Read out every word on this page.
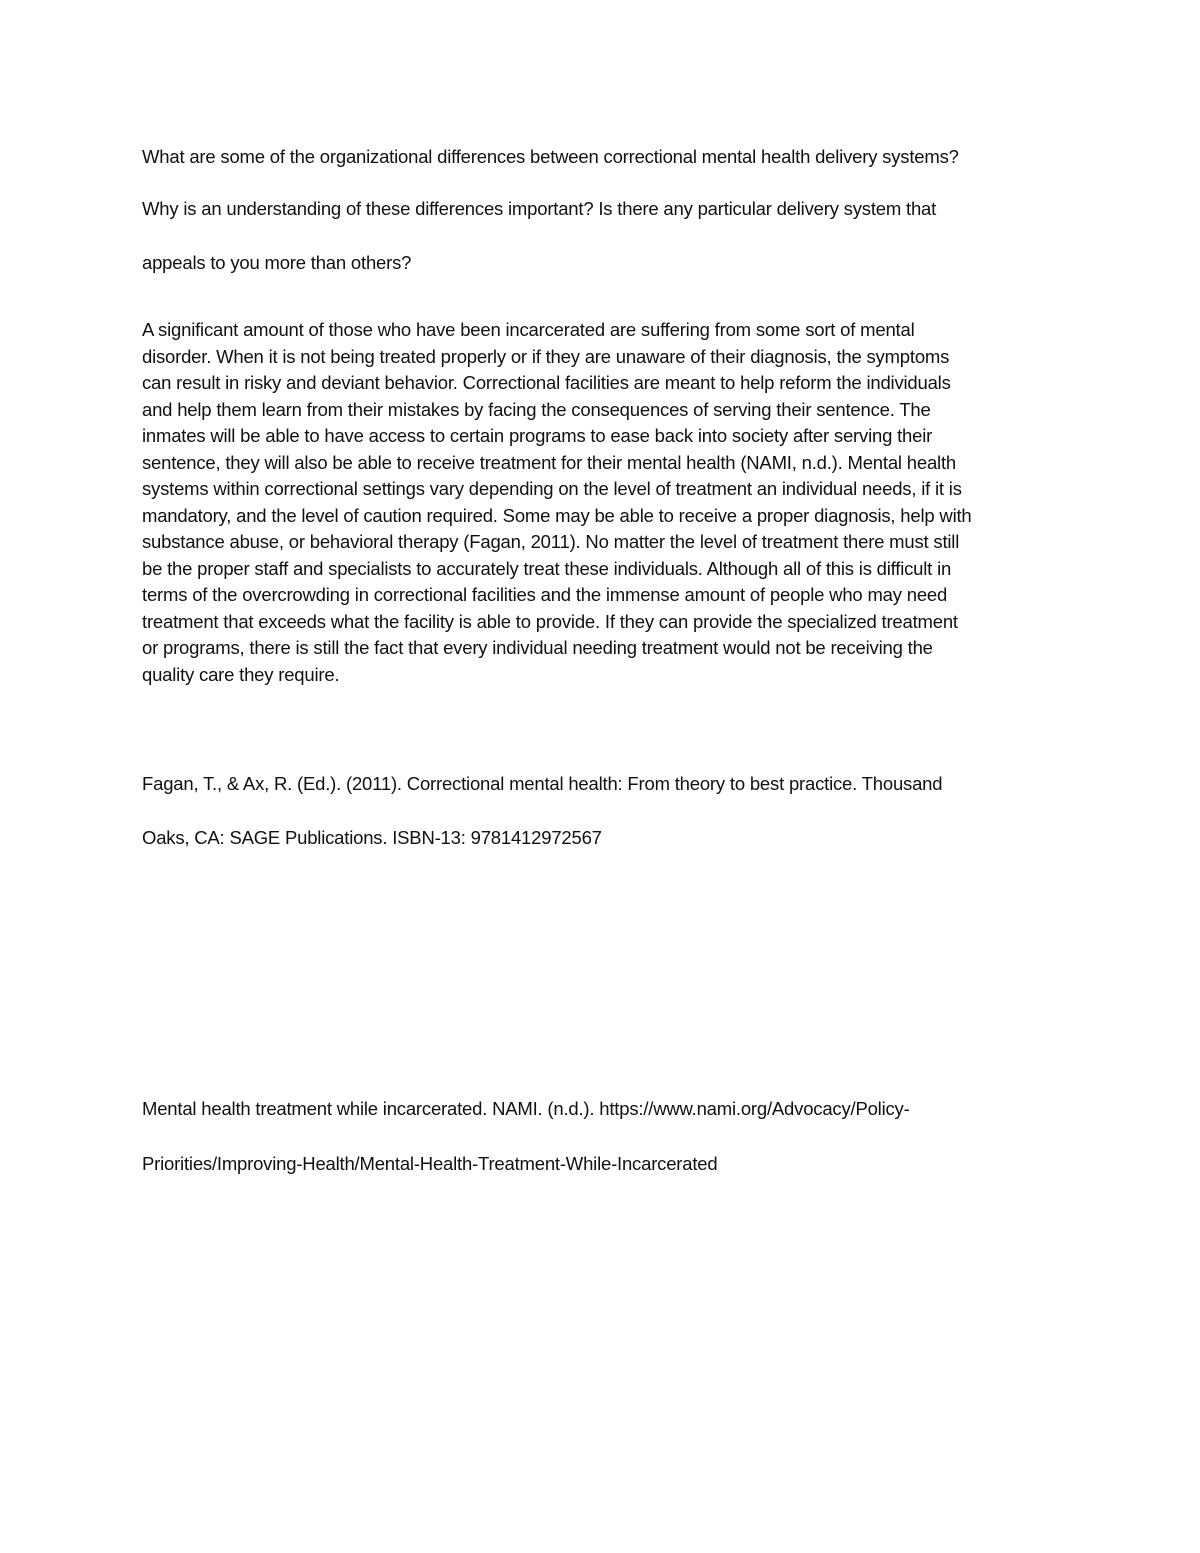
What are some of the organizational differences between correctional mental health delivery systems?

Why is an understanding of these differences important? Is there any particular delivery system that

appeals to you more than others?

A significant amount of those who have been incarcerated are suffering from some sort of mental
disorder. When it is not being treated properly or if they are unaware of their diagnosis, the symptoms
can result in risky and deviant behavior. Correctional facilities are meant to help reform the individuals
and help them learn from their mistakes by facing the consequences of serving their sentence. The
inmates will be able to have access to certain programs to ease back into society after serving their
sentence, they will also be able to receive treatment for their mental health (NAMI, n.d.). Mental health
systems within correctional settings vary depending on the level of treatment an individual needs, if it is
mandatory, and the level of caution required. Some may be able to receive a proper diagnosis, help with
substance abuse, or behavioral therapy (Fagan, 2011). No matter the level of treatment there must still
be the proper staff and specialists to accurately treat these individuals. Although all of this is difficult in
terms of the overcrowding in correctional facilities and the immense amount of people who may need
treatment that exceeds what the facility is able to provide. If they can provide the specialized treatment
or programs, there is still the fact that every individual needing treatment would not be receiving the
quality care they require.

Fagan, T., & Ax, R. (Ed.). (2011). Correctional mental health: From theory to best practice. Thousand

Oaks, CA: SAGE Publications. ISBN-13: 9781412972567

Mental health treatment while incarcerated. NAMI. (n.d.). https://www.nami.org/Advocacy/Policy-

Priorities/Improving-Health/Mental-Health-Treatment-While-Incarcerated
